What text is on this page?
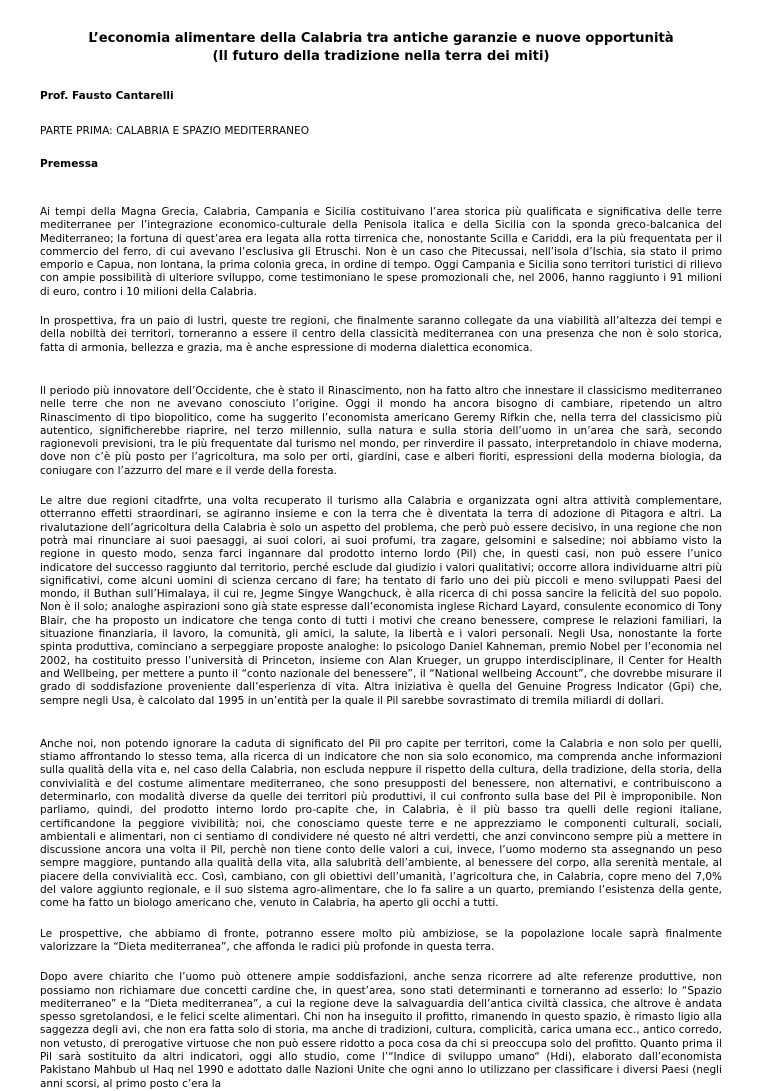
L’economia alimentare della Calabria tra antiche garanzie e nuove opportunità
(Il futuro della tradizione nella terra dei miti)

Prof. Fausto Cantarelli

PARTE PRIMA: CALABRIA E SPAZIO MEDITERRANEO

Premessa

Ai tempi della Magna Grecia, Calabria, Campania e Sicilia costituivano l’area storica più qualificata e significativa delle terre mediterranee per l’integrazione economico-culturale della Penisola italica e della Sicilia con la sponda greco-balcanica del Mediterraneo; la fortuna di quest’area era legata alla rotta tirrenica che, nonostante Scilla e Cariddi, era la più frequentata per il commercio del ferro, di cui avevano l’esclusiva gli Etruschi. Non è un caso che Pitecussai, nell’isola d’Ischia, sia stato il primo emporio e Capua, non lontana, la prima colonia greca, in ordine di tempo. Oggi Campania e Sicilia sono territori turistici di rilievo con ampie possibilità di ulteriore sviluppo, come testimoniano le spese promozionali che, nel 2006, hanno raggiunto i 91 milioni di euro, contro i 10 milioni della Calabria.

In prospettiva, fra un paio di lustri, queste tre regioni, che finalmente saranno collegate da una viabilità all’altezza dei tempi e della nobiltà dei territori, torneranno a essere il centro della classicità mediterranea con una presenza che non è solo storica, fatta di armonia, bellezza e grazia, ma è anche espressione di moderna dialettica economica.

Il periodo più innovatore dell’Occidente, che è stato il Rinascimento, non ha fatto altro che innestare il classicismo mediterraneo nelle terre che non ne avevano conosciuto l’origine. Oggi il mondo ha ancora bisogno di cambiare, ripetendo un altro Rinascimento di tipo biopolitico, come ha suggerito l’economista americano Geremy Rifkin che, nella terra del classicismo più autentico, significherebbe riaprire, nel terzo millennio, sulla natura e sulla storia dell’uomo in un’area che sarà, secondo ragionevoli previsioni, tra le più frequentate dal turismo nel mondo, per rinverdire il passato, interpretandolo in chiave moderna, dove non c’è più posto per l’agricoltura, ma solo per orti, giardini, case e alberi fioriti, espressioni della moderna biologia, da coniugare con l’azzurro del mare e il verde della foresta.

Le altre due regioni citadfrte, una volta recuperato il turismo alla Calabria e organizzata ogni altra attività complementare, otterranno effetti straordinari, se agiranno insieme e con la terra che è diventata la terra di adozione di Pitagora e altri. La rivalutazione dell’agricoltura della Calabria è solo un aspetto del problema, che però può essere decisivo, in una regione che non potrà mai rinunciare ai suoi paesaggi, ai suoi colori, ai suoi profumi, tra zagare, gelsomini e salsedine; noi abbiamo visto la regione in questo modo, senza farci ingannare dal prodotto interno lordo (Pil) che, in questi casi, non può essere l’unico indicatore del successo raggiunto dal territorio, perché esclude dal giudizio i valori qualitativi; occorre allora individuarne altri più significativi, come alcuni uomini di scienza cercano di fare; ha tentato di farlo uno dei più piccoli e meno sviluppati Paesi del mondo, il Buthan sull’Himalaya, il cui re, Jegme Singye Wangchuck, è alla ricerca di chi possa sancire la felicità del suo popolo. Non è il solo; analoghe aspirazioni sono già state espresse dall’economista inglese Richard Layard, consulente economico di Tony Blair, che ha proposto un indicatore che tenga conto di tutti i motivi che creano benessere, comprese le relazioni familiari, la situazione finanziaria, il lavoro, la comunità, gli amici, la salute, la libertà e i valori personali. Negli Usa, nonostante la forte spinta produttiva, cominciano a serpeggiare proposte analoghe: lo psicologo Daniel Kahneman, premio Nobel per l’economia nel 2002, ha costituito presso l’università di Princeton, insieme con Alan Krueger, un gruppo interdisciplinare, il Center for Health and Wellbeing, per mettere a punto il “conto nazionale del benessere”, il “National wellbeing Account”, che dovrebbe misurare il grado di soddisfazione proveniente dall’esperienza di vita. Altra iniziativa è quella del Genuine Progress Indicator (Gpi) che, sempre negli Usa, è calcolato dal 1995 in un’entità per la quale il Pil sarebbe sovrastimato di tremila miliardi di dollari.

Anche noi, non potendo ignorare la caduta di significato del Pil pro capite per territori, come la Calabria e non solo per quelli, stiamo affrontando lo stesso tema, alla ricerca di un indicatore che non sia solo economico, ma comprenda anche informazioni sulla qualità della vita e, nel caso della Calabria, non escluda neppure il rispetto della cultura, della tradizione, della storia, della convivialità e del costume alimentare mediterraneo, che sono presupposti del benessere, non alternativi, e contribuiscono a determinarlo, con modalità diverse da quelle dei territori più produttivi, il cui confronto sulla base del Pil è improponibile. Non parliamo, quindi, del prodotto interno lordo pro-capite che, in Calabria, è il più basso tra quelli delle regioni italiane, certificandone la peggiore vivibilità; noi, che conosciamo queste terre e ne apprezziamo le componenti culturali, sociali, ambientali e alimentari, non ci sentiamo di condividere né questo né altri verdetti, che anzi convincono sempre più a mettere in discussione ancora una volta il Pil, perchè non tiene conto delle valori a cui, invece, l’uomo moderno sta assegnando un peso sempre maggiore, puntando alla qualità della vita, alla salubrità dell’ambiente, al benessere del corpo, alla serenità mentale, al piacere della convivialità ecc. Così, cambiano, con gli obiettivi dell’umanità, l’agricoltura che, in Calabria, copre meno del 7,0% del valore aggiunto regionale, e il suo sistema agro-alimentare, che lo fa salire a un quarto, premiando l’esistenza della gente, come ha fatto un biologo americano che, venuto in Calabria, ha aperto gli occhi a tutti.

Le prospettive, che abbiamo di fronte, potranno essere molto più ambiziose, se la popolazione locale saprà finalmente valorizzare la “Dieta mediterranea”, che affonda le radici più profonde in questa terra.

Dopo avere chiarito che l’uomo può ottenere ampie soddisfazioni, anche senza ricorrere ad alte referenze produttive, non possiamo non richiamare due concetti cardine che, in quest’area, sono stati determinanti e torneranno ad esserlo: lo “Spazio mediterraneo” e la “Dieta mediterranea”, a cui la regione deve la salvaguardia dell’antica civiltà classica, che altrove è andata spesso sgretolandosi, e le felici scelte alimentari. Chi non ha inseguito il profitto, rimanendo in questo spazio, è rimasto ligio alla saggezza degli avi, che non era fatta solo di storia, ma anche di tradizioni, cultura, complicità, carica umana ecc., antico corredo, non vetusto, di prerogative virtuose che non può essere ridotto a poca cosa da chi si preoccupa solo del profitto. Quanto prima il Pil sarà sostituito da altri indicatori, oggi allo studio, come l’“Indice di sviluppo umano“ (Hdi), elaborato dall’economista Pakistano Mahbub ul Haq nel 1990 e adottato dalle Nazioni Unite che ogni anno lo utilizzano per classificare i diversi Paesi (negli anni scorsi, al primo posto c’era la
